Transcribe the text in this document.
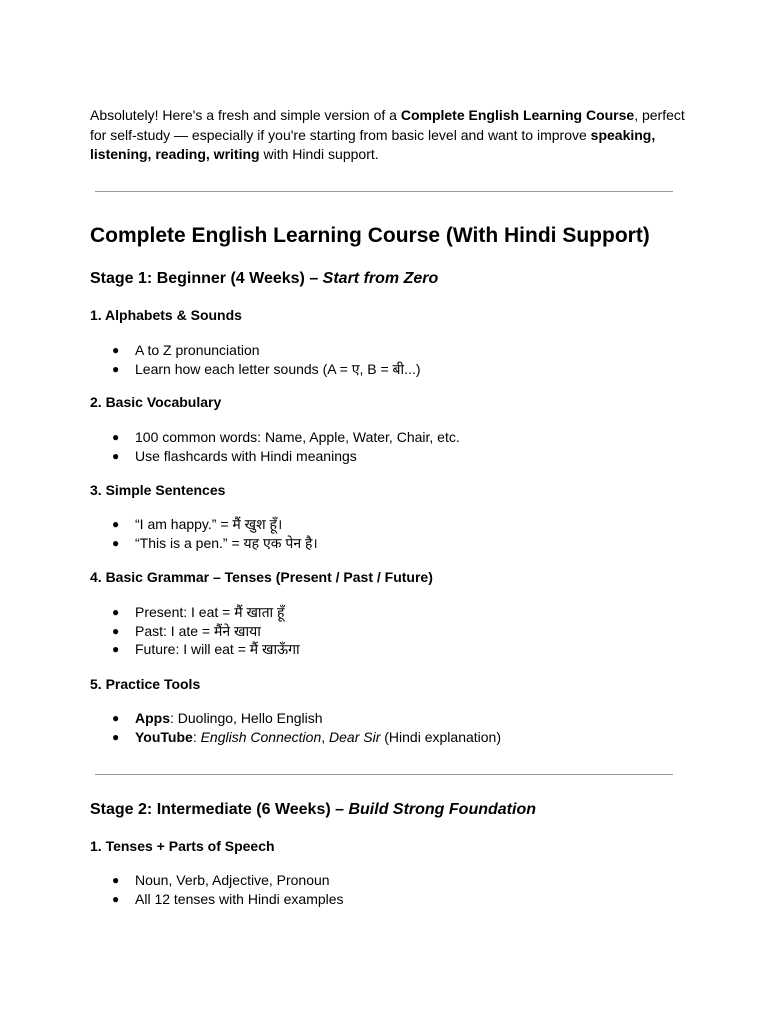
Absolutely! Here's a fresh and simple version of a Complete English Learning Course, perfect for self-study — especially if you're starting from basic level and want to improve speaking, listening, reading, writing with Hindi support.

Complete English Learning Course (With Hindi Support)
Stage 1: Beginner (4 Weeks) – Start from Zero
1. Alphabets & Sounds
● A to Z pronunciation
● Learn how each letter sounds (A = ए, B = बी...)
2. Basic Vocabulary
● 100 common words: Name, Apple, Water, Chair, etc.
● Use flashcards with Hindi meanings
3. Simple Sentences
● “I am happy.” = मैं खुश हूँ।
● “This is a pen.” = यह एक पेन है।
4. Basic Grammar – Tenses (Present / Past / Future)
● Present: I eat = मैं खाता हूँ
● Past: I ate = मैंने खाया
● Future: I will eat = मैं खाऊँगा
5. Practice Tools
● Apps: Duolingo, Hello English
● YouTube: English Connection, Dear Sir (Hindi explanation)
Stage 2: Intermediate (6 Weeks) – Build Strong Foundation
1. Tenses + Parts of Speech
● Noun, Verb, Adjective, Pronoun
● All 12 tenses with Hindi examples
